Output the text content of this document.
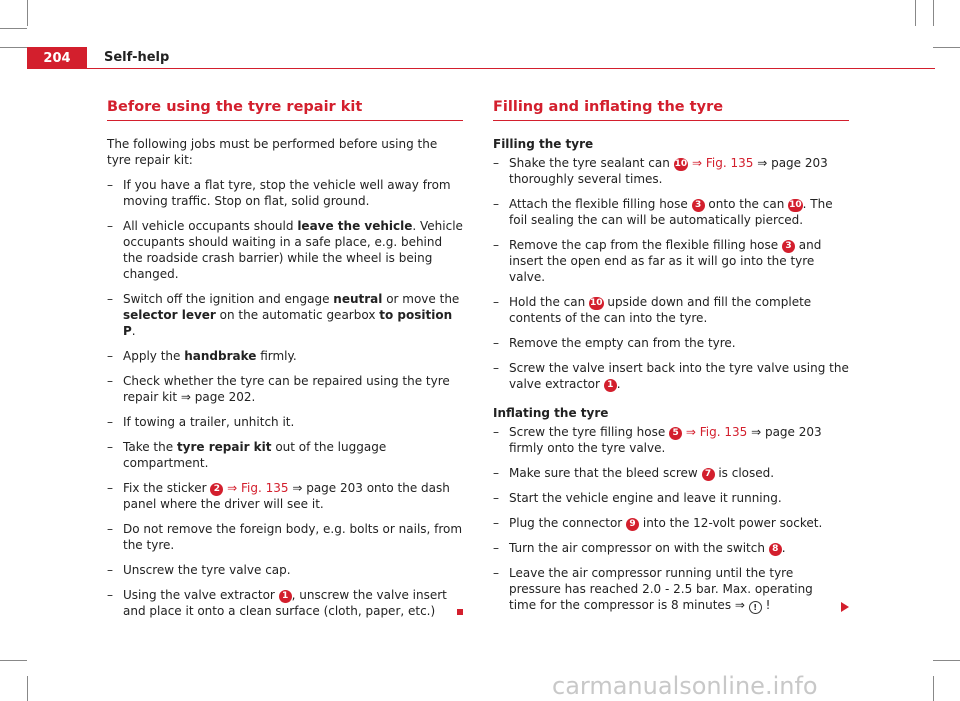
204	Self-help
Before using the tyre repair kit

The following jobs must be performed before using the tyre repair kit:

– If you have a flat tyre, stop the vehicle well away from moving traffic. Stop on flat, solid ground.
– All vehicle occupants should leave the vehicle. Vehicle occupants should waiting in a safe place, e.g. behind the roadside crash barrier) while the wheel is being changed.
– Switch off the ignition and engage neutral or move the selector lever on the automatic gearbox to position P.
– Apply the handbrake firmly.
– Check whether the tyre can be repaired using the tyre repair kit ⇒ page 202.
– If towing a trailer, unhitch it.
– Take the tyre repair kit out of the luggage compartment.
– Fix the sticker 2 ⇒ Fig. 135 ⇒ page 203 onto the dash panel where the driver will see it.
– Do not remove the foreign body, e.g. bolts or nails, from the tyre.
– Unscrew the tyre valve cap.
– Using the valve extractor 1 , unscrew the valve insert and place it onto a clean surface (cloth, paper, etc.)
Filling and inflating the tyre
Filling the tyre
– Shake the tyre sealant can 10 ⇒ Fig. 135 ⇒ page 203 thoroughly several times.
– Attach the flexible filling hose 3 onto the can 10. The foil sealing the can will be automatically pierced.
– Remove the cap from the flexible filling hose 3 and insert the open end as far as it will go into the tyre valve.
– Hold the can 10 upside down and fill the complete contents of the can into the tyre.
– Remove the empty can from the tyre.
– Screw the valve insert back into the tyre valve using the valve extractor 1 .
Inflating the tyre
– Screw the tyre filling hose 5 ⇒ Fig. 135 ⇒ page 203 firmly onto the tyre valve.
– Make sure that the bleed screw 7 is closed.
– Start the vehicle engine and leave it running.
– Plug the connector 9 into the 12-volt power socket.
– Turn the air compressor on with the switch 8 .
– Leave the air compressor running until the tyre pressure has reached 2.0 - 2.5 bar. Max. operating time for the compressor is 8 minutes ⇒ ! !
carmanualsonline.info
